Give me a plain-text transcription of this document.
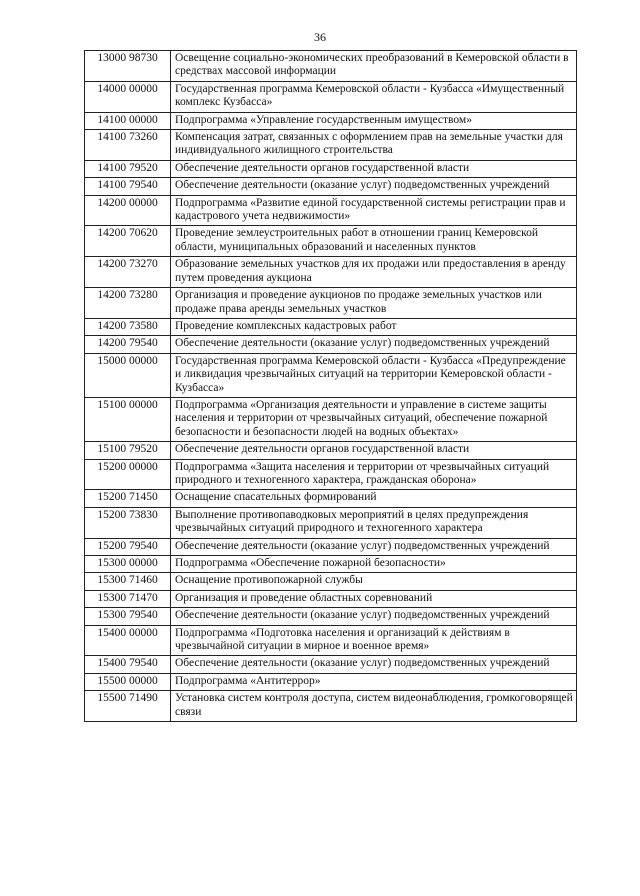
36
13000 98730	Освещение социально-экономических преобразований в Кемеровской области в средствах массовой информации
14000 00000	Государственная программа Кемеровской области - Кузбасса «Имущественный комплекс Кузбасса»
14100 00000	Подпрограмма «Управление государственным имуществом»
14100 73260	Компенсация затрат, связанных с оформлением прав на земельные участки для индивидуального жилищного строительства
14100 79520	Обеспечение деятельности органов государственной власти
14100 79540	Обеспечение деятельности (оказание услуг) подведомственных учреждений
14200 00000	Подпрограмма «Развитие единой государственной системы регистрации прав и кадастрового учета недвижимости»
14200 70620	Проведение землеустроительных работ в отношении границ Кемеровской области, муниципальных образований и населенных пунктов
14200 73270	Образование земельных участков для их продажи или предоставления в аренду путем проведения аукциона
14200 73280	Организация и проведение аукционов по продаже земельных участков или продаже права аренды земельных участков
14200 73580	Проведение комплексных кадастровых работ
14200 79540	Обеспечение деятельности (оказание услуг) подведомственных учреждений
15000 00000	Государственная программа Кемеровской области - Кузбасса «Предупреждение и ликвидация чрезвычайных ситуаций на территории Кемеровской области - Кузбасса»
15100 00000	Подпрограмма «Организация деятельности и управление в системе защиты населения и территории от чрезвычайных ситуаций, обеспечение пожарной безопасности и безопасности людей на водных объектах»
15100 79520	Обеспечение деятельности органов государственной власти
15200 00000	Подпрограмма «Защита населения и территории от чрезвычайных ситуаций природного и техногенного характера, гражданская оборона»
15200 71450	Оснащение спасательных формирований
15200 73830	Выполнение противопаводковых мероприятий в целях предупреждения чрезвычайных ситуаций природного и техногенного характера
15200 79540	Обеспечение деятельности (оказание услуг) подведомственных учреждений
15300 00000	Подпрограмма «Обеспечение пожарной безопасности»
15300 71460	Оснащение противопожарной службы
15300 71470	Организация и проведение областных соревнований
15300 79540	Обеспечение деятельности (оказание услуг) подведомственных учреждений
15400 00000	Подпрограмма «Подготовка населения и организаций к действиям в чрезвычайной ситуации в мирное и военное время»
15400 79540	Обеспечение деятельности (оказание услуг) подведомственных учреждений
15500 00000	Подпрограмма «Антитеррор»
15500 71490	Установка систем контроля доступа, систем видеонаблюдения, громкоговорящей связи
